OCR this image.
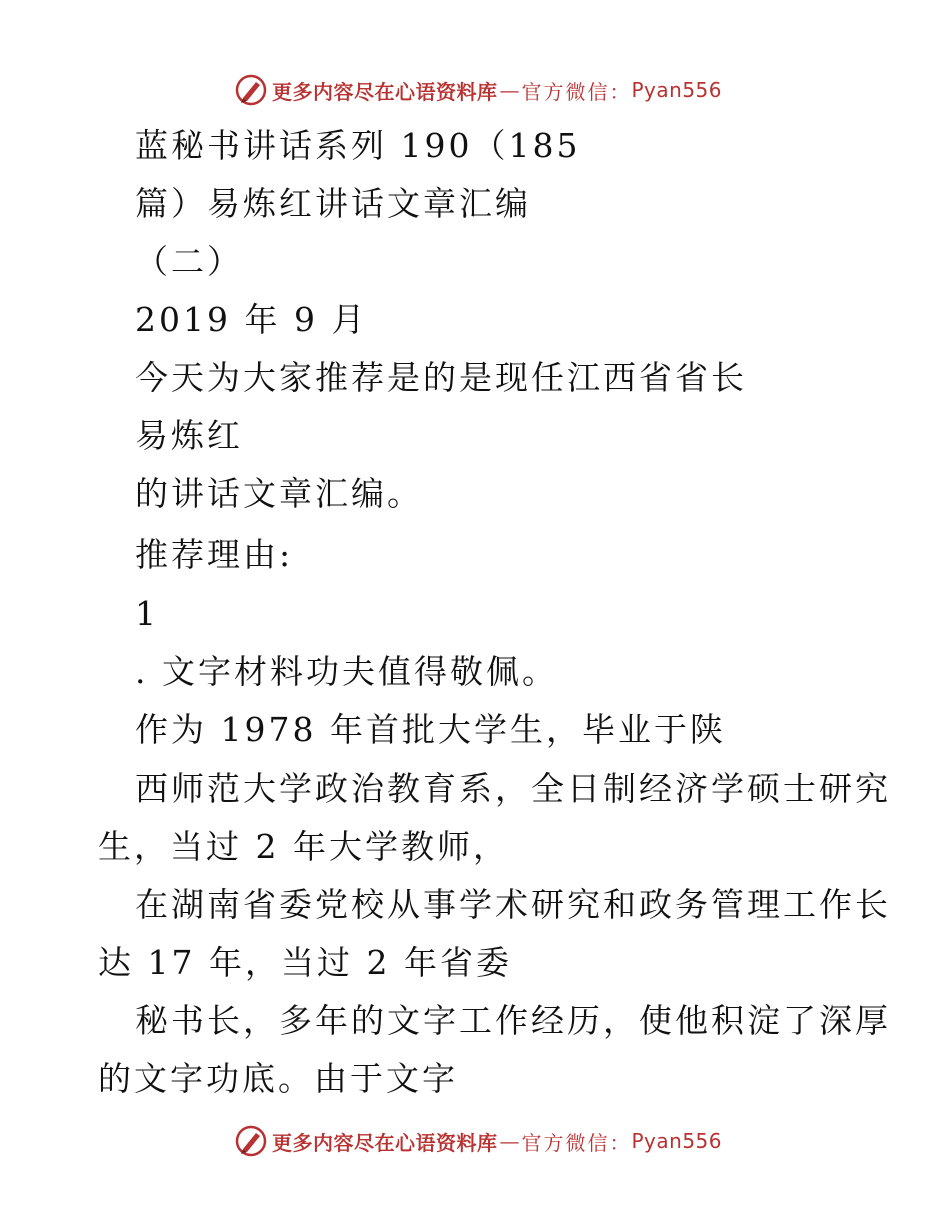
更多内容尽在心语资料库 — 官方微信： Pyan556
蓝秘书讲话系列 190（185
篇）易炼红讲话文章汇编
（二）
2019 年 9 月
今天为大家推荐是的是现任江西省省长
易炼红
的讲话文章汇编。
推荐理由:
1
. 文字材料功夫值得敬佩。
作为 1978 年首批大学生，毕业于陕
西师范大学政治教育系，全日制经济学硕士研究
生，当过 2 年大学教师，
在湖南省委党校从事学术研究和政务管理工作长
达 17 年，当过 2 年省委
秘书长，多年的文字工作经历，使他积淀了深厚
的文字功底。由于文字
更多内容尽在心语资料库 — 官方微信： Pyan556
